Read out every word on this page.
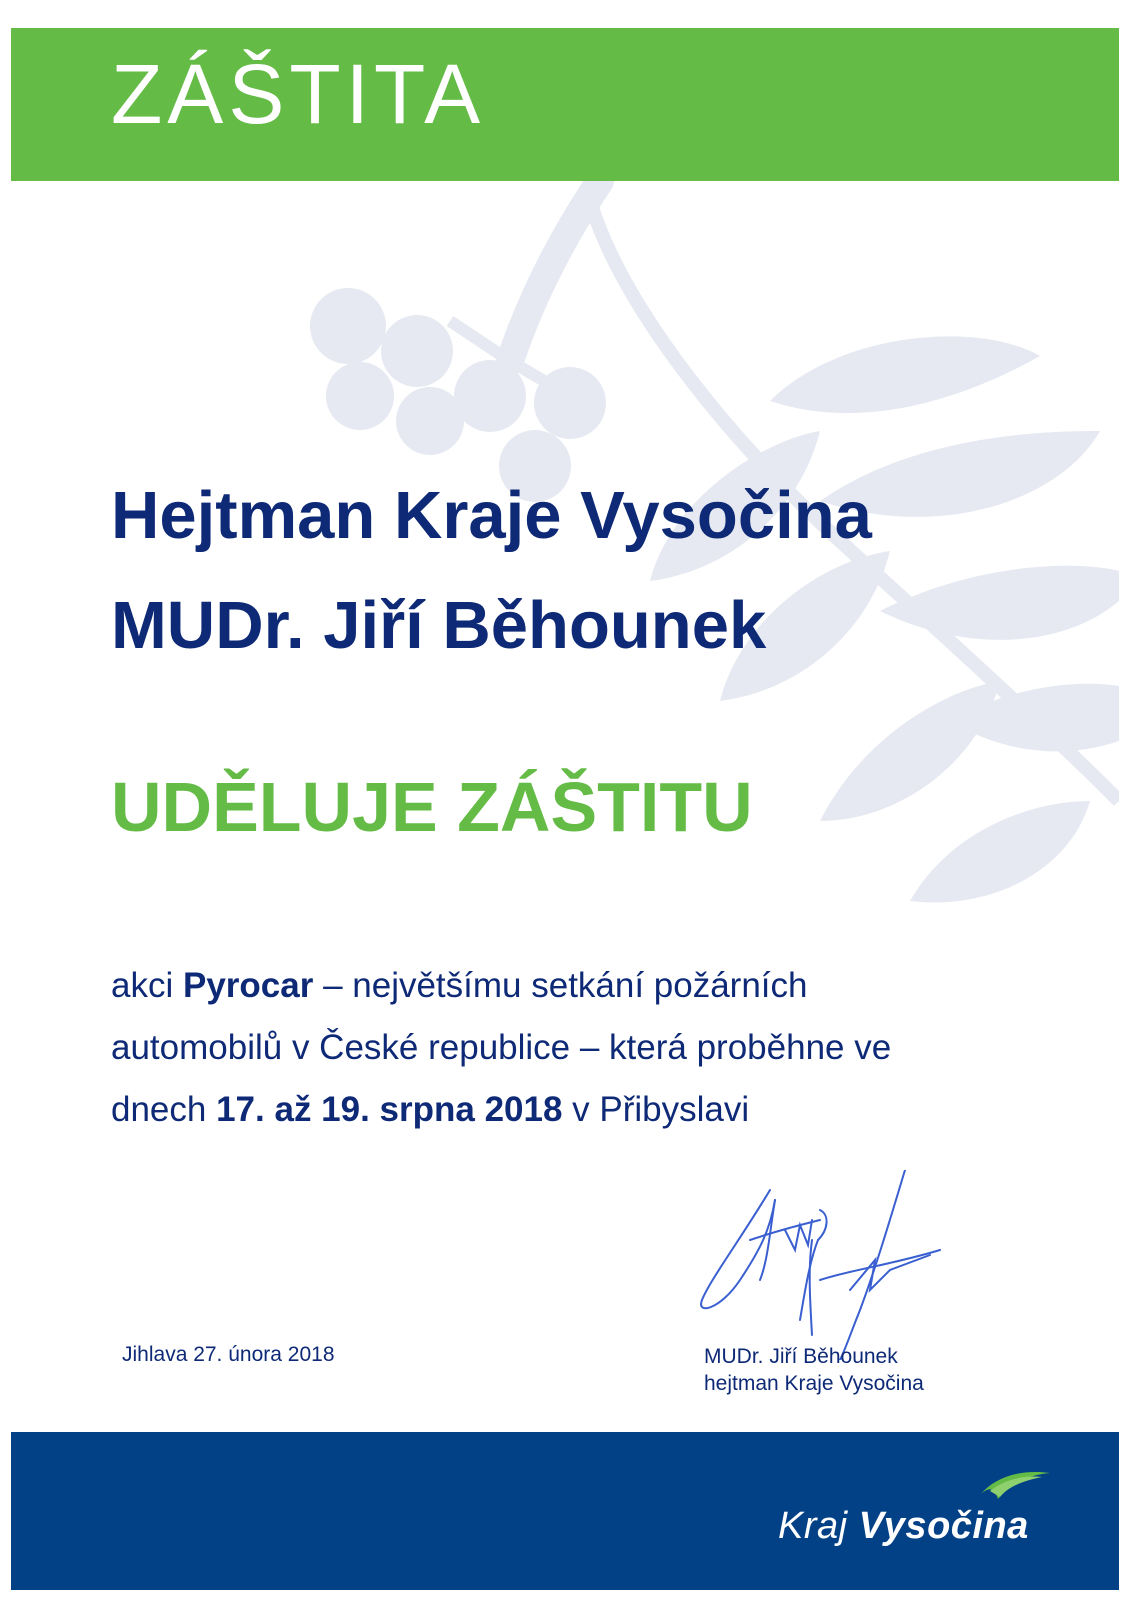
ZÁŠTITA
Hejtman Kraje Vysočina
MUDr. Jiří Běhounek
UDĚLUJE ZÁŠTITU

akci Pyrocar – největšímu setkání požárních

automobilů v České republice – která proběhne ve

dnech 17. až 19. srpna 2018 v Přibyslavi

Jihlava 27. února 2018	MUDr. Jiří Běhounek
hejtman Kraje Vysočina
Kraj Vysočina
